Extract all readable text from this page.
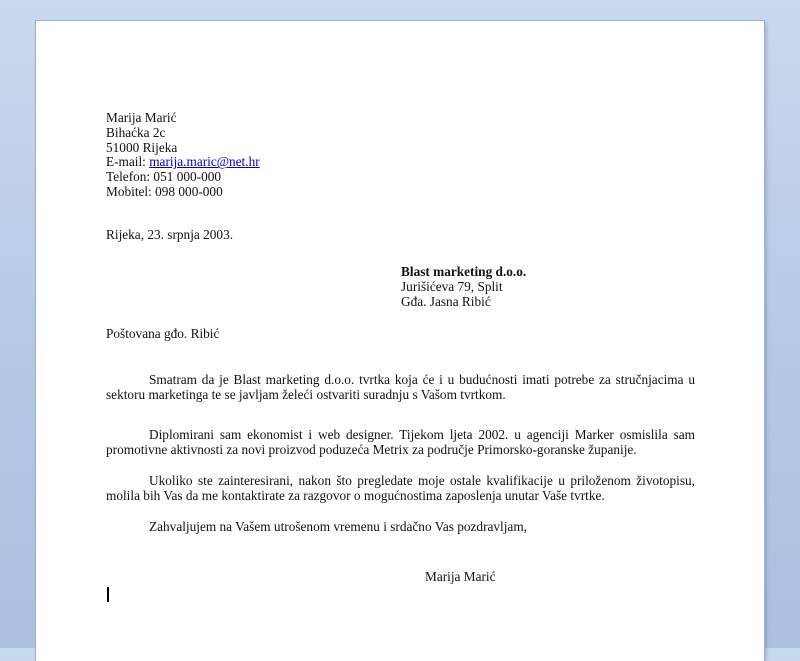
Marija Marić
Bihaćka 2c
51000 Rijeka
E-mail: marija.maric@net.hr
Telefon: 051 000-000
Mobitel: 098 000-000
Rijeka, 23. srpnja 2003.
Blast marketing d.o.o.
Jurišićeva 79, Split
Gđa. Jasna Ribić
Poštovana gđo. Ribić
Smatram da je Blast marketing d.o.o. tvrtka koja će i u budućnosti imati potrebe za stručnjacima u sektoru marketinga te se javljam želeći ostvariti suradnju s Vašom tvrtkom.
Diplomirani sam ekonomist i web designer. Tijekom ljeta 2002. u agenciji Marker osmislila sam promotivne aktivnosti za novi proizvod poduzeća Metrix za područje Primorsko-goranske županije.
Ukoliko ste zainteresirani, nakon što pregledate moje ostale kvalifikacije u priloženom životopisu, molila bih Vas da me kontaktirate za razgovor o mogućnostima zaposlenja unutar Vaše tvrtke.
Zahvaljujem na Vašem utrošenom vremenu i srdačno Vas pozdravljam,
Marija Marić
